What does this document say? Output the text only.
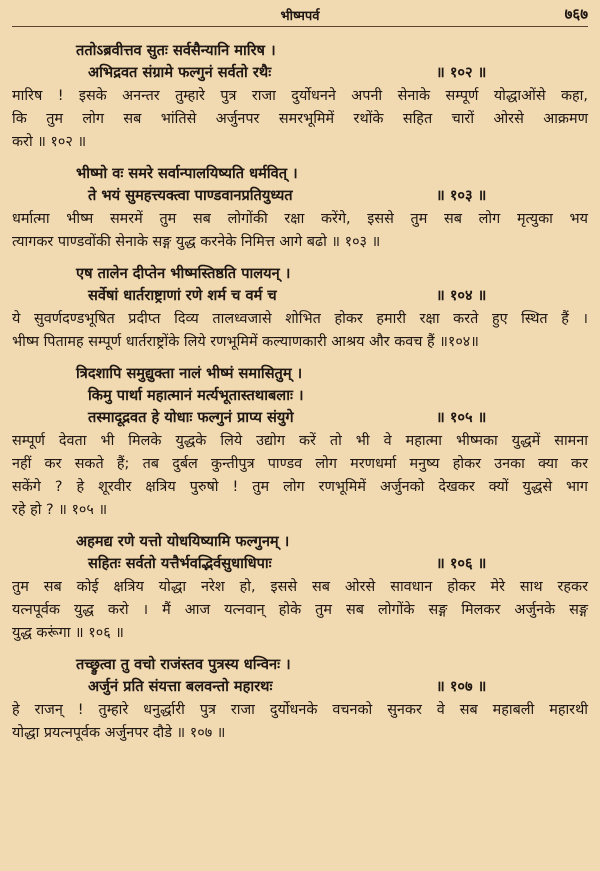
भीष्मपर्व	७६७
ततोऽब्रवीत्तव सुतः सर्वसैन्यानि मारिष ।
अभिद्रवत संग्रामे फल्गुनं सर्वतो रथैः	॥ १०२ ॥
मारिष ! इसके अनन्तर तुम्हारे पुत्र राजा दुर्योधनने अपनी सेनाके सम्पूर्ण योद्धाओंसे कहा,
कि तुम लोग सब भांतिसे अर्जुनपर समरभूमिमें रथोंके सहित चारों ओरसे आक्रमण
करो ॥ १०२ ॥
भीष्मो वः समरे सर्वान्पालयिष्यति धर्मवित् ।
ते भयं सुमहत्त्यक्त्वा पाण्डवानप्रतियुध्यत	॥ १०३ ॥
धर्मात्मा भीष्म समरमें तुम सब लोगोंकी रक्षा करेंगे, इससे तुम सब लोग मृत्युका भय
त्यागकर पाण्डवोंकी सेनाके सङ्ग युद्ध करनेके निमित्त आगे बढो ॥ १०३ ॥
एष तालेन दीप्तेन भीष्मस्तिष्ठति पालयन् ।
सर्वेषां धार्तराष्ट्राणां रणे शर्म च वर्म च	॥ १०४ ॥
ये सुवर्णदण्डभूषित प्रदीप्त दिव्य तालध्वजासे शोभित होकर हमारी रक्षा करते हुए स्थित हैं ।
भीष्म पितामह सम्पूर्ण धार्तराष्ट्रोंके लिये रणभूमिमें कल्याणकारी आश्रय और कवच हैं ॥१०४॥
त्रिदशापि समुद्युक्ता नालं भीष्मं समासितुम् ।
किमु पार्था महात्मानं मर्त्यभूतास्तथाबलाः ।
तस्मादूद्रवत हे योधाः फल्गुनं प्राप्य संयुगे	॥ १०५ ॥
सम्पूर्ण देवता भी मिलके युद्धके लिये उद्योग करें तो भी वे महात्मा भीष्मका युद्धमें सामना
नहीं कर सकते हैं; तब दुर्बल कुन्तीपुत्र पाण्डव लोग मरणधर्मा मनुष्य होकर उनका क्या कर
सकेंगे ? हे शूरवीर क्षत्रिय पुरुषो ! तुम लोग रणभूमिमें अर्जुनको देखकर क्यों युद्धसे भाग
रहे हो ? ॥ १०५ ॥
अहमद्य रणे यत्तो योधयिष्यामि फल्गुनम् ।
सहितः सर्वतो यत्तैर्भवद्भिर्वसुधाधिपाः	॥ १०६ ॥
तुम सब कोई क्षत्रिय योद्धा नरेश हो, इससे सब ओरसे सावधान होकर मेरे साथ रहकर
यत्नपूर्वक युद्ध करो । मैं आज यत्नवान् होके तुम सब लोगोंके सङ्ग मिलकर अर्जुनके सङ्ग
युद्ध करूंगा ॥ १०६ ॥
तच्छ्रुत्वा तु वचो राजंस्तव पुत्रस्य धन्विनः ।
अर्जुनं प्रति संयत्ता बलवन्तो महारथः	॥ १०७ ॥
हे राजन् ! तुम्हारे धनुर्द्धारी पुत्र राजा दुर्योधनके वचनको सुनकर वे सब महाबली महारथी
योद्धा प्रयत्नपूर्वक अर्जुनपर दौडे ॥ १०७ ॥
